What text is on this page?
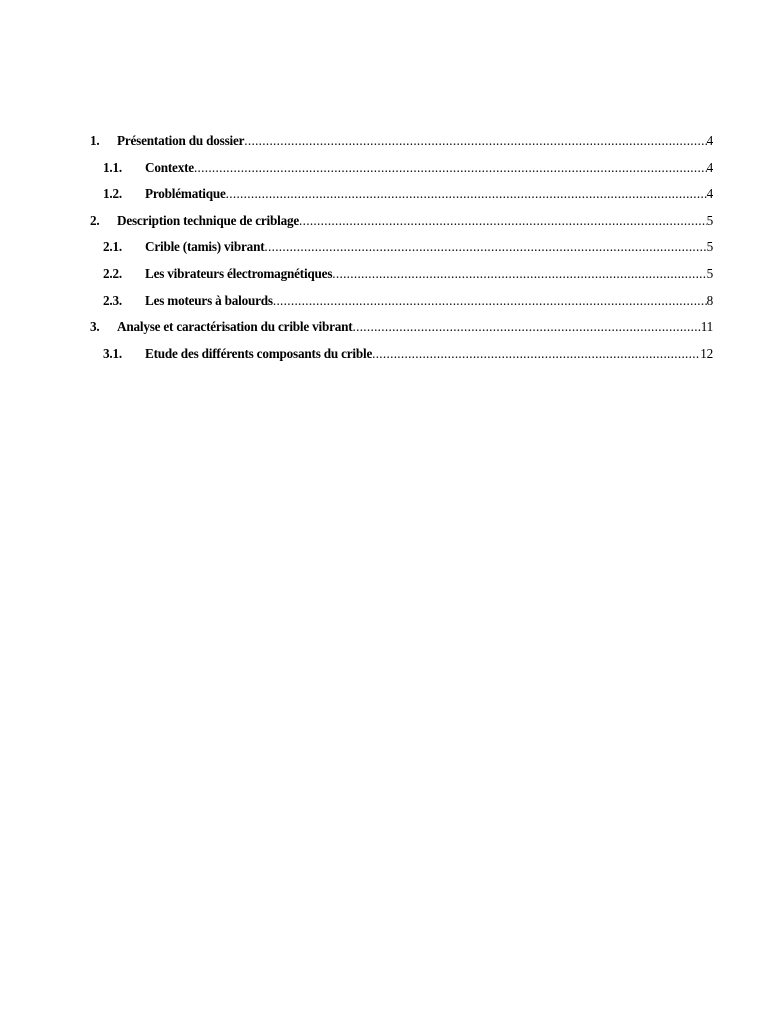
1. Présentation du dossier .....	4
1.1. Contexte .....	4
1.2. Problématique .....	4
2. Description technique de criblage .....	5
2.1. Crible (tamis) vibrant .....	5
2.2. Les vibrateurs électromagnétiques .....	5
2.3. Les moteurs à balourds .....	8
3. Analyse et caractérisation du crible vibrant .....	11
3.1. Etude des différents composants du crible .....	12
